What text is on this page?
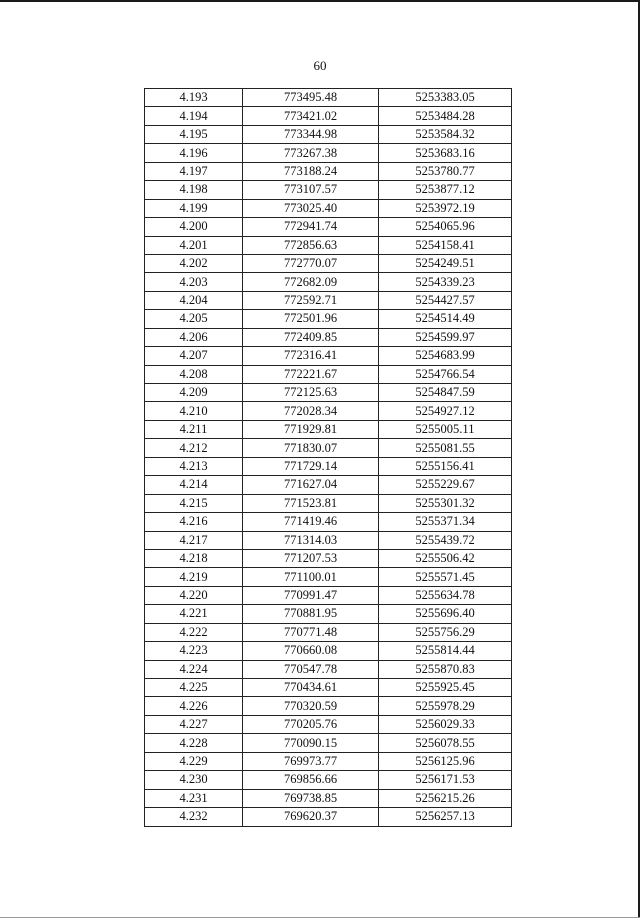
60
4.193	773495.48	5253383.05
4.194	773421.02	5253484.28
4.195	773344.98	5253584.32
4.196	773267.38	5253683.16
4.197	773188.24	5253780.77
4.198	773107.57	5253877.12
4.199	773025.40	5253972.19
4.200	772941.74	5254065.96
4.201	772856.63	5254158.41
4.202	772770.07	5254249.51
4.203	772682.09	5254339.23
4.204	772592.71	5254427.57
4.205	772501.96	5254514.49
4.206	772409.85	5254599.97
4.207	772316.41	5254683.99
4.208	772221.67	5254766.54
4.209	772125.63	5254847.59
4.210	772028.34	5254927.12
4.211	771929.81	5255005.11
4.212	771830.07	5255081.55
4.213	771729.14	5255156.41
4.214	771627.04	5255229.67
4.215	771523.81	5255301.32
4.216	771419.46	5255371.34
4.217	771314.03	5255439.72
4.218	771207.53	5255506.42
4.219	771100.01	5255571.45
4.220	770991.47	5255634.78
4.221	770881.95	5255696.40
4.222	770771.48	5255756.29
4.223	770660.08	5255814.44
4.224	770547.78	5255870.83
4.225	770434.61	5255925.45
4.226	770320.59	5255978.29
4.227	770205.76	5256029.33
4.228	770090.15	5256078.55
4.229	769973.77	5256125.96
4.230	769856.66	5256171.53
4.231	769738.85	5256215.26
4.232	769620.37	5256257.13
